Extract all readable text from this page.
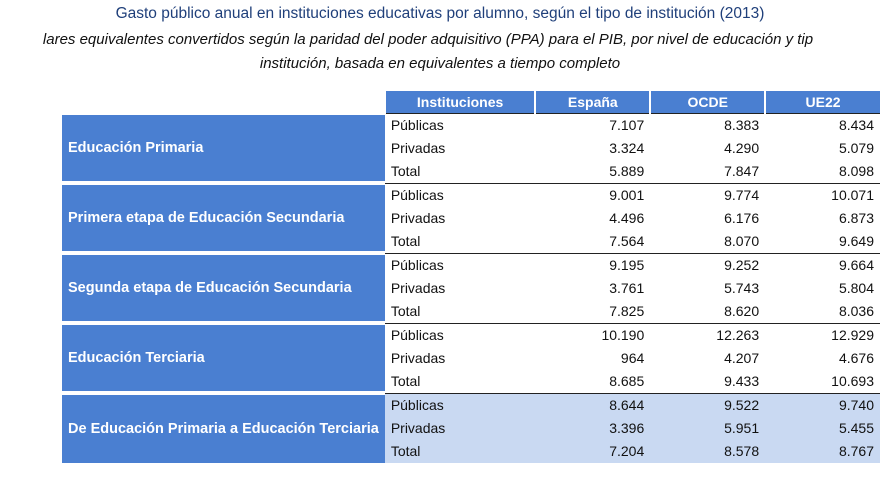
Gasto público anual en instituciones educativas por alumno, según el tipo de institución (2013)
lares equivalentes convertidos según la paridad del poder adquisitivo (PPA) para el PIB, por nivel de educación y tip
institución, basada en equivalentes a tiempo completo
	Instituciones	España	OCDE	UE22
Educación Primaria	Públicas	7.107	8.383	8.434
	Privadas	3.324	4.290	5.079
	Total	5.889	7.847	8.098
Primera etapa de Educación Secundaria	Públicas	9.001	9.774	10.071
	Privadas	4.496	6.176	6.873
	Total	7.564	8.070	9.649
Segunda etapa de Educación Secundaria	Públicas	9.195	9.252	9.664
	Privadas	3.761	5.743	5.804
	Total	7.825	8.620	8.036
Educación Terciaria	Públicas	10.190	12.263	12.929
	Privadas	964	4.207	4.676
	Total	8.685	9.433	10.693
De Educación Primaria a Educación Terciaria	Públicas	8.644	9.522	9.740
	Privadas	3.396	5.951	5.455
	Total	7.204	8.578	8.767
